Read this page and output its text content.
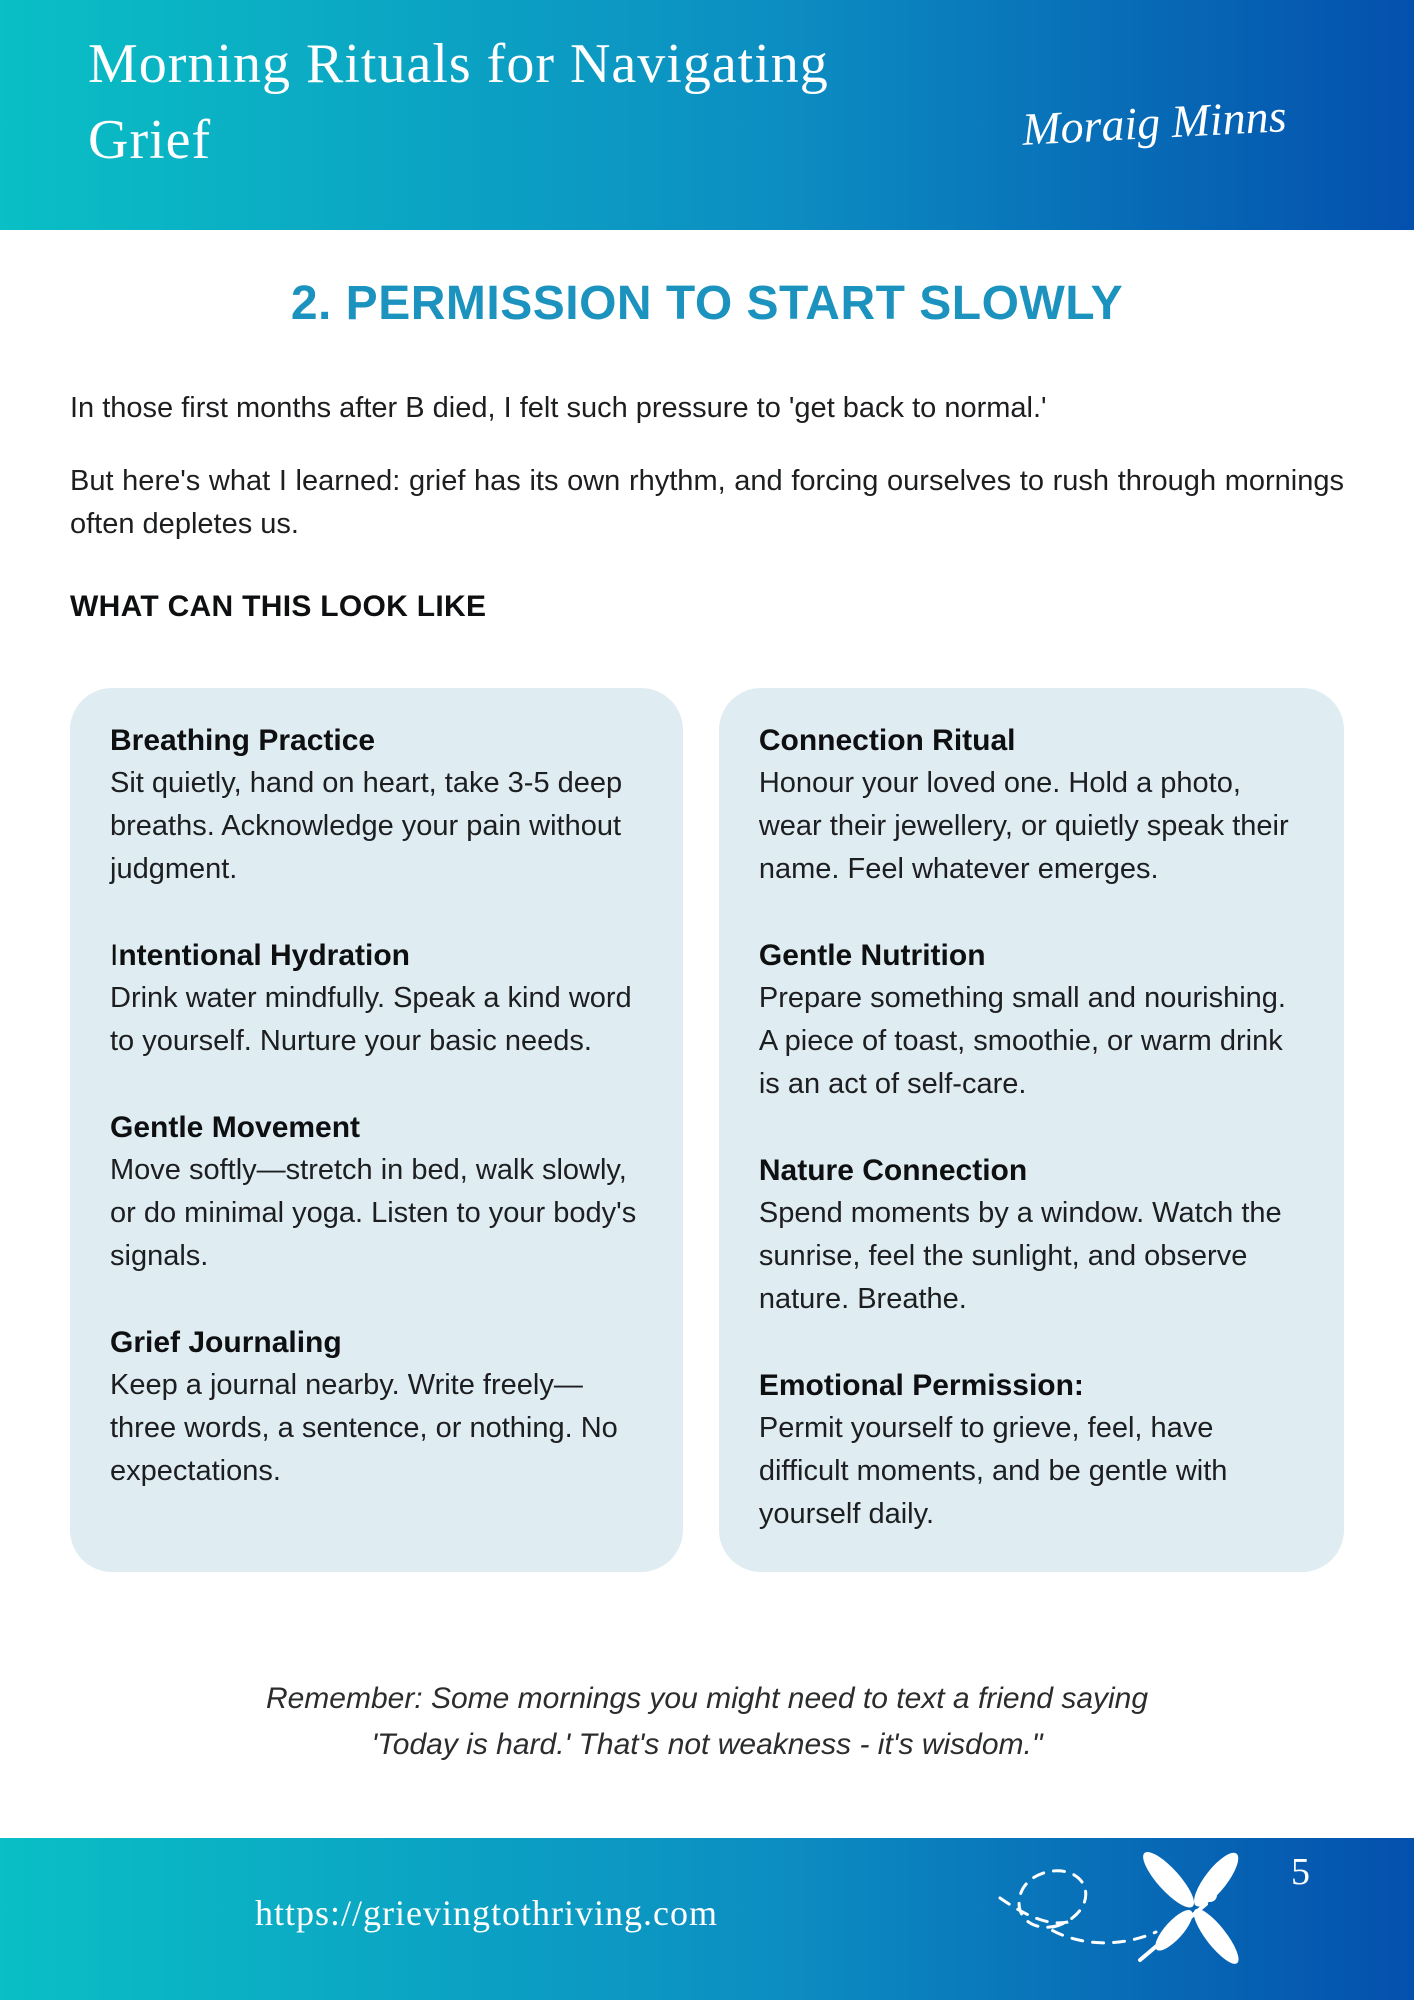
Morning Rituals for Navigating Grief	Moraig Minns
2. PERMISSION TO START SLOWLY

In those first months after B died, I felt such pressure to 'get back to normal.'

But here's what I learned: grief has its own rhythm, and forcing ourselves to rush through mornings often depletes us.

WHAT CAN THIS LOOK LIKE
Breathing Practice
Sit quietly, hand on heart, take 3-5 deep breaths. Acknowledge your pain without judgment.
Intentional Hydration
Drink water mindfully. Speak a kind word to yourself. Nurture your basic needs.
Gentle Movement
Move softly—stretch in bed, walk slowly, or do minimal yoga. Listen to your body's signals.
Grief Journaling
Keep a journal nearby. Write freely—three words, a sentence, or nothing. No expectations.
Connection Ritual
Honour your loved one. Hold a photo, wear their jewellery, or quietly speak their name. Feel whatever emerges.
Gentle Nutrition
Prepare something small and nourishing. A piece of toast, smoothie, or warm drink is an act of self-care.
Nature Connection
Spend moments by a window. Watch the sunrise, feel the sunlight, and observe nature. Breathe.
Emotional Permission:
Permit yourself to grieve, feel, have difficult moments, and be gentle with yourself daily.

Remember: Some mornings you might need to text a friend saying 'Today is hard.' That's not weakness - it's wisdom."

https://grievingtothriving.com
5
